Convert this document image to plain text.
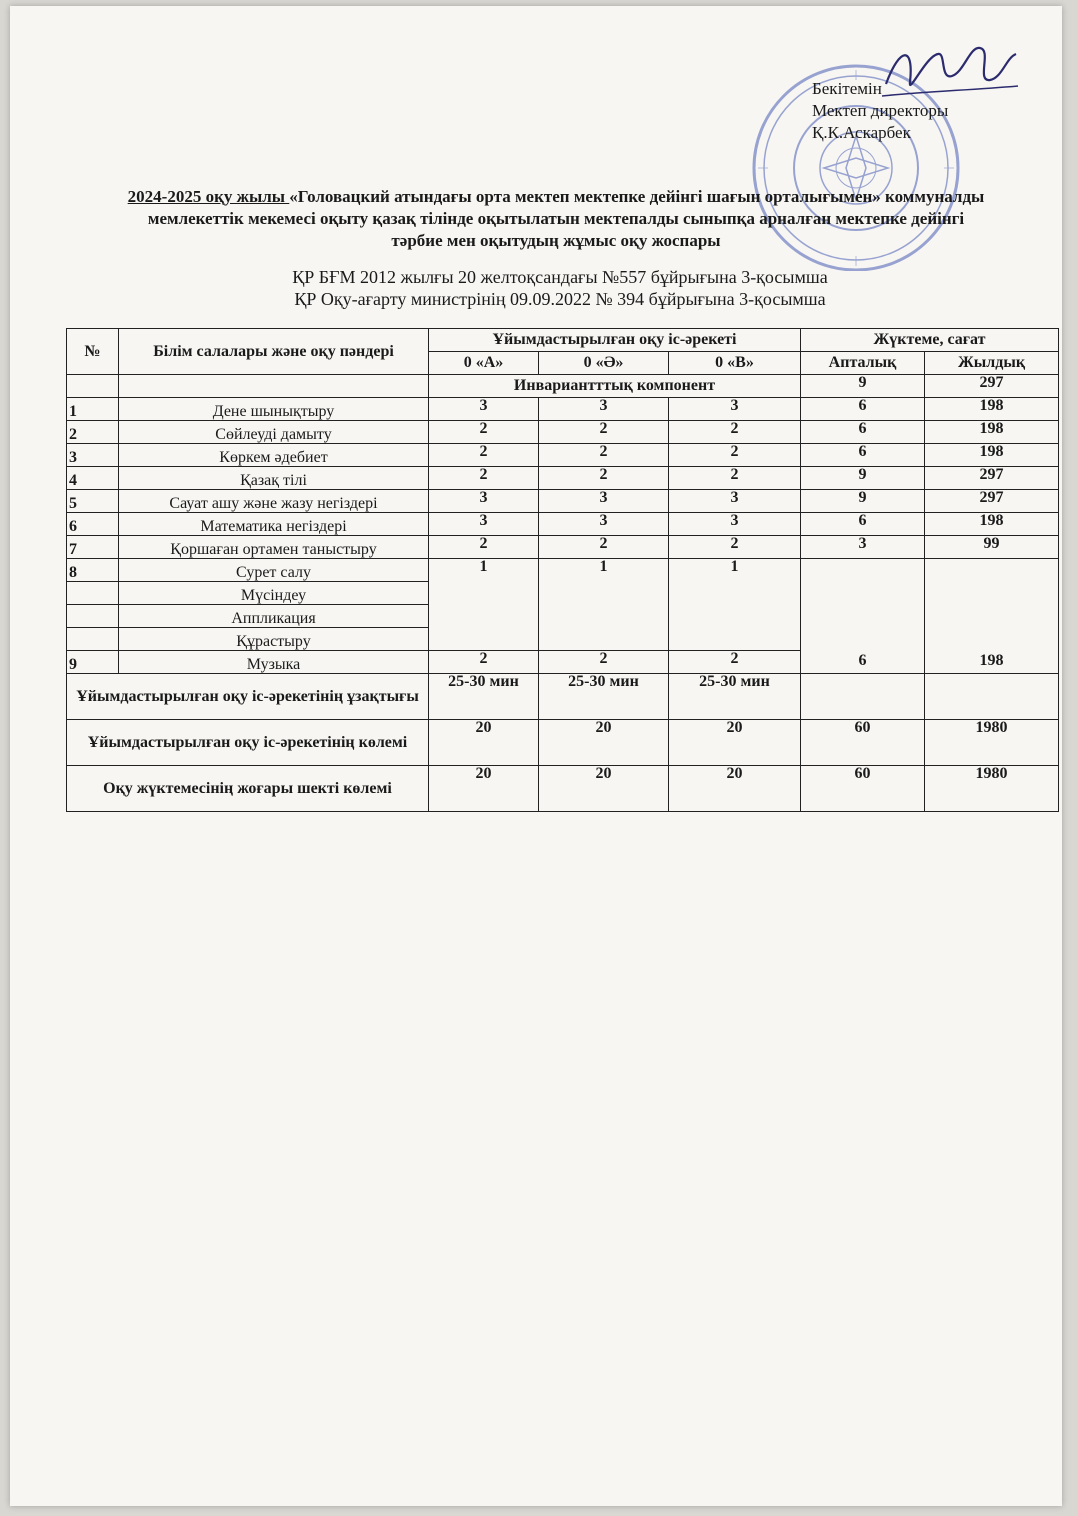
Бекітемін
Мектеп директоры
Қ.К.Аскарбек
2024-2025 оқу жылы «Головацкий атындағы орта мектеп мектепке дейінгі шағын орталығымен» коммуналды
мемлекеттік мекемесі оқыту қазақ тілінде оқытылатын мектепалды сыныпқа арналған мектепке дейінгі
тәрбие мен оқытудың жұмыс оқу жоспары
ҚР БҒМ 2012 жылғы 20 желтоқсандағы №557 бұйрығына 3-қосымша
ҚР Оқу-ағарту министрінің 09.09.2022 № 394 бұйрығына 3-қосымша
№	Білім салалары және оқу пәндері	Ұйымдастырылған оқу іс-әрекеті			Жүктеме, сағат	
		0 «А»	0 «Ә»	0 «В»	Апталық	Жылдық
		Инвариантттық компонент			9	297
1	Дене шынықтыру	3	3	3	6	198
2	Сөйлеуді дамыту	2	2	2	6	198
3	Көркем әдебиет	2	2	2	6	198
4	Қазақ тілі	2	2	2	9	297
5	Сауат ашу және жазу негіздері	3	3	3	9	297
6	Математика негіздері	3	3	3	6	198
7	Қоршаған ортамен таныстыру	2	2	2	3	99
8	Сурет салу	1	1	1	6	198
	Мүсіндеу					
	Аппликация					
	Құрастыру					
9	Музыка	2	2	2		
Ұйымдастырылған оқу іс-әрекетінің ұзақтығы		25-30 мин	25-30 мин	25-30 мин		
Ұйымдастырылған оқу іс-әрекетінің көлемі		20	20	20	60	1980
Оқу жүктемесінің жоғары шекті көлемі		20	20	20	60	1980
